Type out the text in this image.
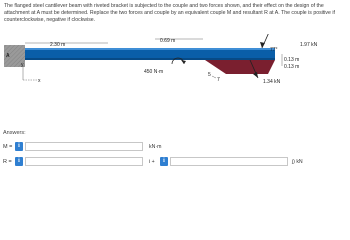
The flanged steel cantilever beam with riveted bracket is subjected to the couple and two forces shown, and their effect on the design of the attachment at A must be determined. Replace the two forces and couple by an equivalent couple M and resultant R at A. The couple is positive if counterclockwise, negative if clockwise.
A
2.30 m
0.69 m
1.97 kN
77°
0.13 m
0.13 m
1.34 kN
5
7
450 N·m
y
x
Answers:
M = i	kN·m
R =	i	i +	i	j) kN
